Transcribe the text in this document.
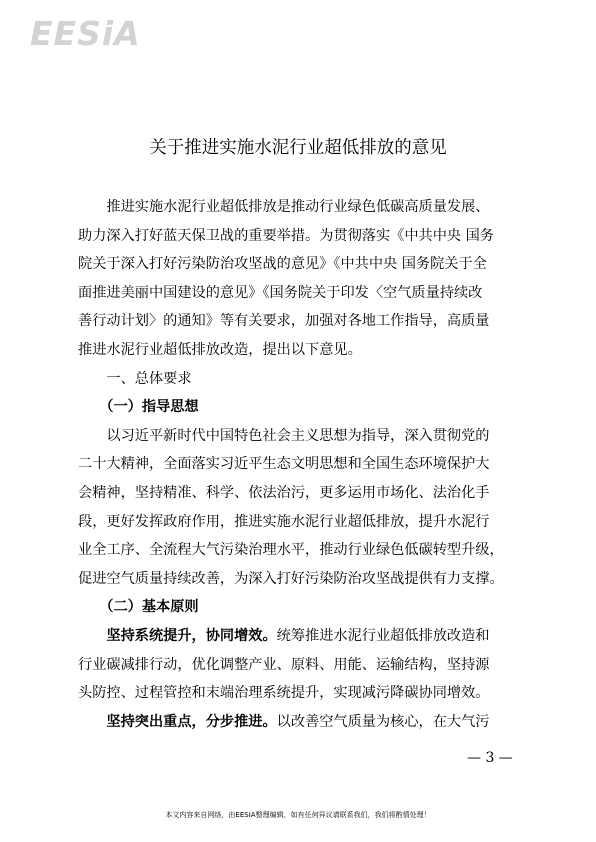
EESiA
关于推进实施水泥行业超低排放的意见
　　推进实施水泥行业超低排放是推动行业绿色低碳高质量发展、
助力深入打好蓝天保卫战的重要举措。为贯彻落实《中共中央 国务
院关于深入打好污染防治攻坚战的意见》《中共中央 国务院关于全
面推进美丽中国建设的意见》《国务院关于印发〈空气质量持续改
善行动计划〉的通知》等有关要求，加强对各地工作指导，高质量
推进水泥行业超低排放改造，提出以下意见。
　　一、总体要求
　　（一）指导思想
　　以习近平新时代中国特色社会主义思想为指导，深入贯彻党的
二十大精神，全面落实习近平生态文明思想和全国生态环境保护大
会精神，坚持精准、科学、依法治污，更多运用市场化、法治化手
段，更好发挥政府作用，推进实施水泥行业超低排放，提升水泥行
业全工序、全流程大气污染治理水平，推动行业绿色低碳转型升级，
促进空气质量持续改善，为深入打好污染防治攻坚战提供有力支撑。
　　（二）基本原则
　　坚持系统提升，协同增效。统筹推进水泥行业超低排放改造和
行业碳减排行动，优化调整产业、原料、用能、运输结构，坚持源
头防控、过程管控和末端治理系统提升，实现减污降碳协同增效。
　　坚持突出重点，分步推进。以改善空气质量为核心，在大气污
— 3 —
本文内容来自网络，由EESIA整理编辑，如有任何异议请联系我们，我们将酌情处理！
